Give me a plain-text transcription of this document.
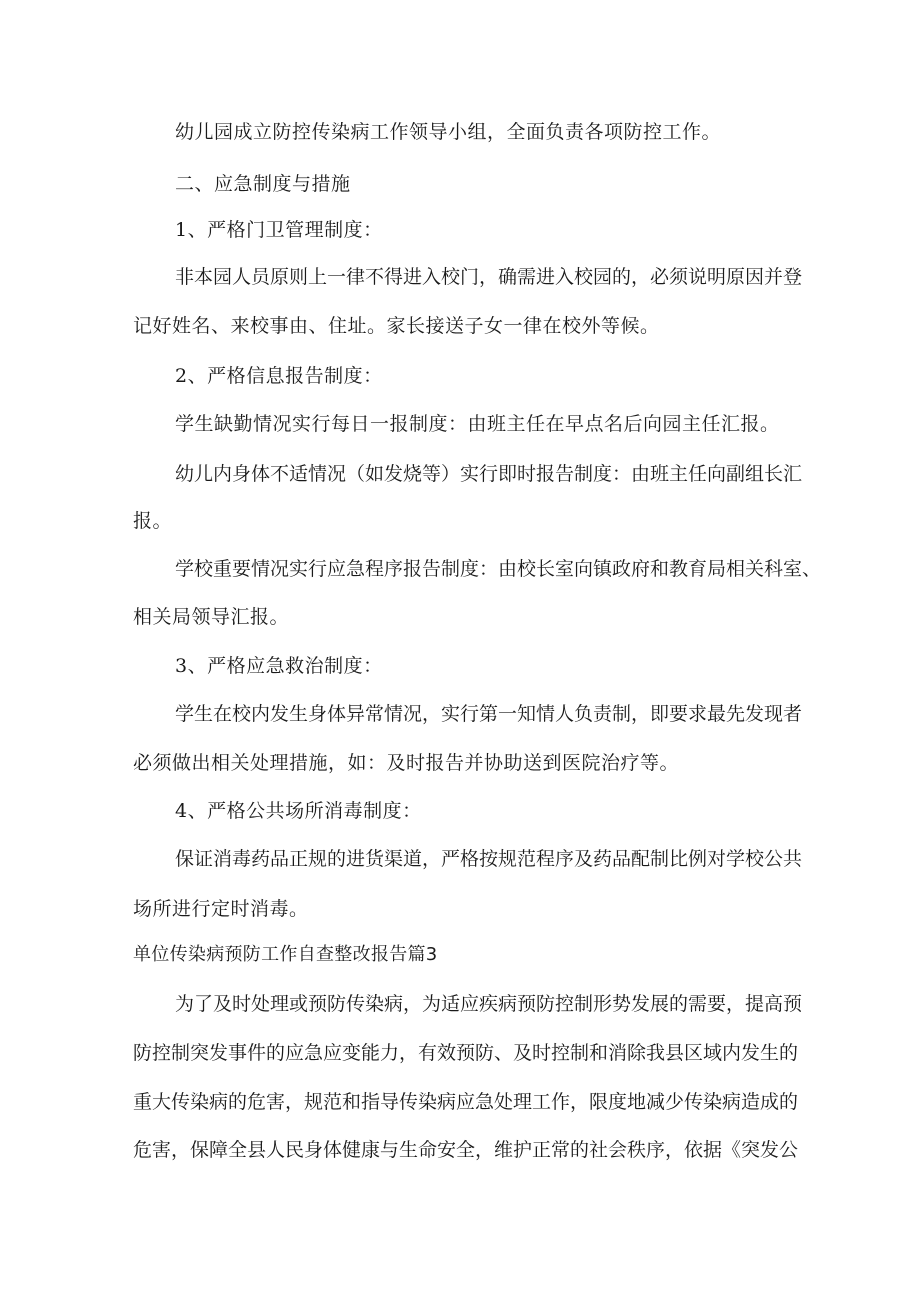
幼儿园成立防控传染病工作领导小组，全面负责各项防控工作。
二、应急制度与措施
1、严格门卫管理制度：
非本园人员原则上一律不得进入校门，确需进入校园的，必须说明原因并登
记好姓名、来校事由、住址。家长接送子女一律在校外等候。
2、严格信息报告制度：
学生缺勤情况实行每日一报制度：由班主任在早点名后向园主任汇报。
幼儿内身体不适情况（如发烧等）实行即时报告制度：由班主任向副组长汇
报。
学校重要情况实行应急程序报告制度：由校长室向镇政府和教育局相关科室、
相关局领导汇报。
3、严格应急救治制度：
学生在校内发生身体异常情况，实行第一知情人负责制，即要求最先发现者
必须做出相关处理措施，如：及时报告并协助送到医院治疗等。
4、严格公共场所消毒制度：
保证消毒药品正规的进货渠道，严格按规范程序及药品配制比例对学校公共
场所进行定时消毒。
单位传染病预防工作自查整改报告篇3
为了及时处理或预防传染病，为适应疾病预防控制形势发展的需要，提高预
防控制突发事件的应急应变能力，有效预防、及时控制和消除我县区域内发生的
重大传染病的危害，规范和指导传染病应急处理工作，限度地减少传染病造成的
危害，保障全县人民身体健康与生命安全，维护正常的社会秩序，依据《突发公
